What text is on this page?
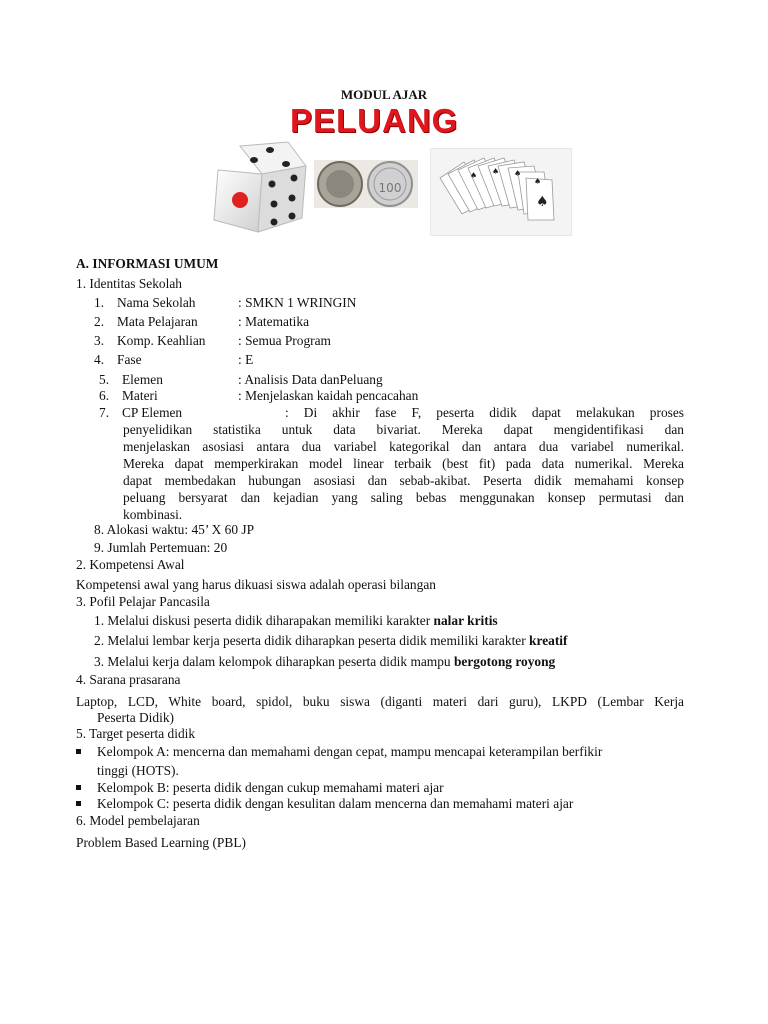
MODUL AJAR
PELUANG
100
♠ ♠ ♠
♠
♠
A. INFORMASI UMUM
1. Identitas Sekolah
1. Nama Sekolah	: SMKN 1 WRINGIN
2. Mata Pelajaran	: Matematika
3. Komp. Keahlian : Semua Program
4. Fase	: E
5. Elemen	: Analisis Data danPeluang
6. Materi	: Menjelaskan kaidah pencacahan
7. CP Elemen	: Di akhir fase F, peserta didik dapat melakukan proses
penyelidikan statistika untuk data bivariat. Mereka dapat mengidentifikasi dan
menjelaskan asosiasi antara dua variabel kategorikal dan antara dua variabel numerikal.
Mereka dapat memperkirakan model linear terbaik (best fit) pada data numerikal. Mereka
dapat membedakan hubungan asosiasi dan sebab-akibat. Peserta didik memahami konsep
peluang bersyarat dan kejadian yang saling bebas menggunakan konsep permutasi dan
kombinasi.
8. Alokasi waktu: 45’ X 60 JP
9. Jumlah Pertemuan: 20
2. Kompetensi Awal
Kompetensi awal yang harus dikuasi siswa adalah operasi bilangan
3. Pofil Pelajar Pancasila
1. Melalui diskusi peserta didik diharapakan memiliki karakter nalar kritis
2. Melalui lembar kerja peserta didik diharapkan peserta didik memiliki karakter kreatif
3. Melalui kerja dalam kelompok diharapkan peserta didik mampu bergotong royong
4. Sarana prasarana
Laptop, LCD, White board, spidol, buku siswa (diganti materi dari guru), LKPD (Lembar Kerja
Peserta Didik)
5. Target peserta didik
Kelompok A: mencerna dan memahami dengan cepat, mampu mencapai keterampilan berfikir
tinggi (HOTS).
Kelompok B: peserta didik dengan cukup memahami materi ajar
Kelompok C: peserta didik dengan kesulitan dalam mencerna dan memahami materi ajar
6. Model pembelajaran
Problem Based Learning (PBL)
